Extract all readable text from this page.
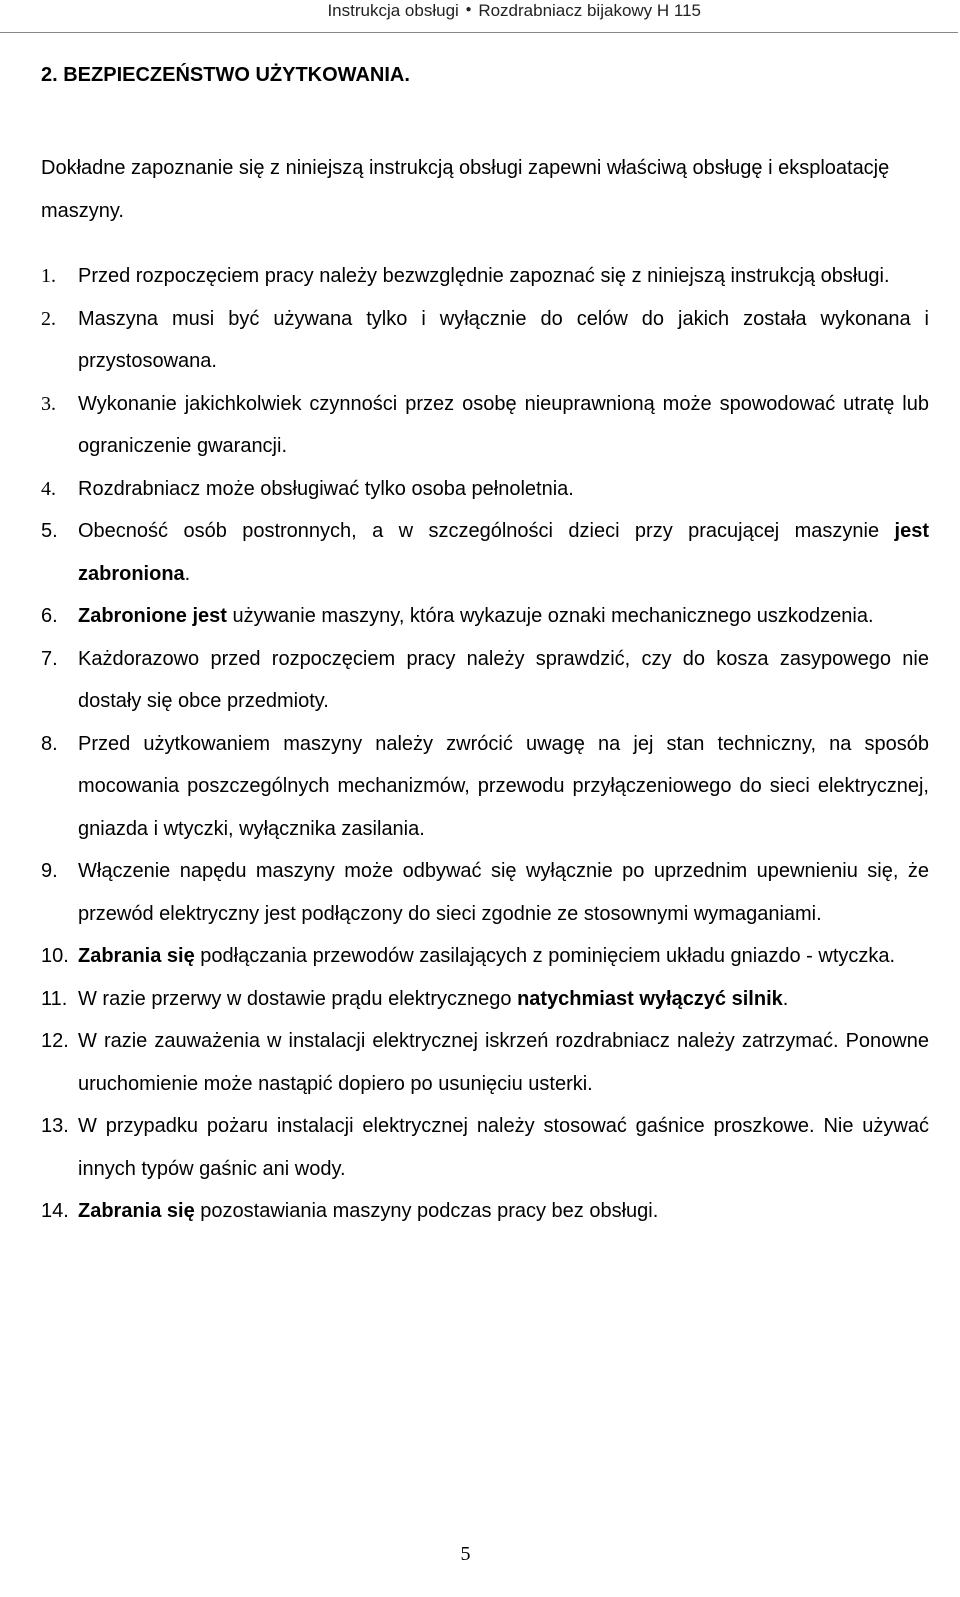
Instrukcja obsługi ● Rozdrabniacz bijakowy H 115
2. BEZPIECZEŃSTWO UŻYTKOWANIA.

Dokładne zapoznanie się z niniejszą instrukcją obsługi zapewni właściwą obsługę i eksploatację maszyny.

1. Przed rozpoczęciem pracy należy bezwzględnie zapoznać się z niniejszą instrukcją obsługi.
2. Maszyna musi być używana tylko i wyłącznie do celów do jakich została wykonana i przystosowana.
3. Wykonanie jakichkolwiek czynności przez osobę nieuprawnioną może spowodować utratę lub ograniczenie gwarancji.
4. Rozdrabniacz może obsługiwać tylko osoba pełnoletnia.
5. Obecność osób postronnych, a w szczególności dzieci przy pracującej maszynie jest zabroniona.
6. Zabronione jest używanie maszyny, która wykazuje oznaki mechanicznego uszkodzenia.
7. Każdorazowo przed rozpoczęciem pracy należy sprawdzić, czy do kosza zasypowego nie dostały się obce przedmioty.
8. Przed użytkowaniem maszyny należy zwrócić uwagę na jej stan techniczny, na sposób mocowania poszczególnych mechanizmów, przewodu przyłączeniowego do sieci elektrycznej, gniazda i wtyczki, wyłącznika zasilania.
9. Włączenie napędu maszyny może odbywać się wyłącznie po uprzednim upewnieniu się, że przewód elektryczny jest podłączony do sieci zgodnie ze stosownymi wymaganiami.
10. Zabrania się podłączania przewodów zasilających z pominięciem układu gniazdo - wtyczka.
11. W razie przerwy w dostawie prądu elektrycznego natychmiast wyłączyć silnik.
12. W razie zauważenia w instalacji elektrycznej iskrzeń rozdrabniacz należy zatrzymać. Ponowne uruchomienie może nastąpić dopiero po usunięciu usterki.
13. W przypadku pożaru instalacji elektrycznej należy stosować gaśnice proszkowe. Nie używać innych typów gaśnic ani wody.
14. Zabrania się pozostawiania maszyny podczas pracy bez obsługi.
5
